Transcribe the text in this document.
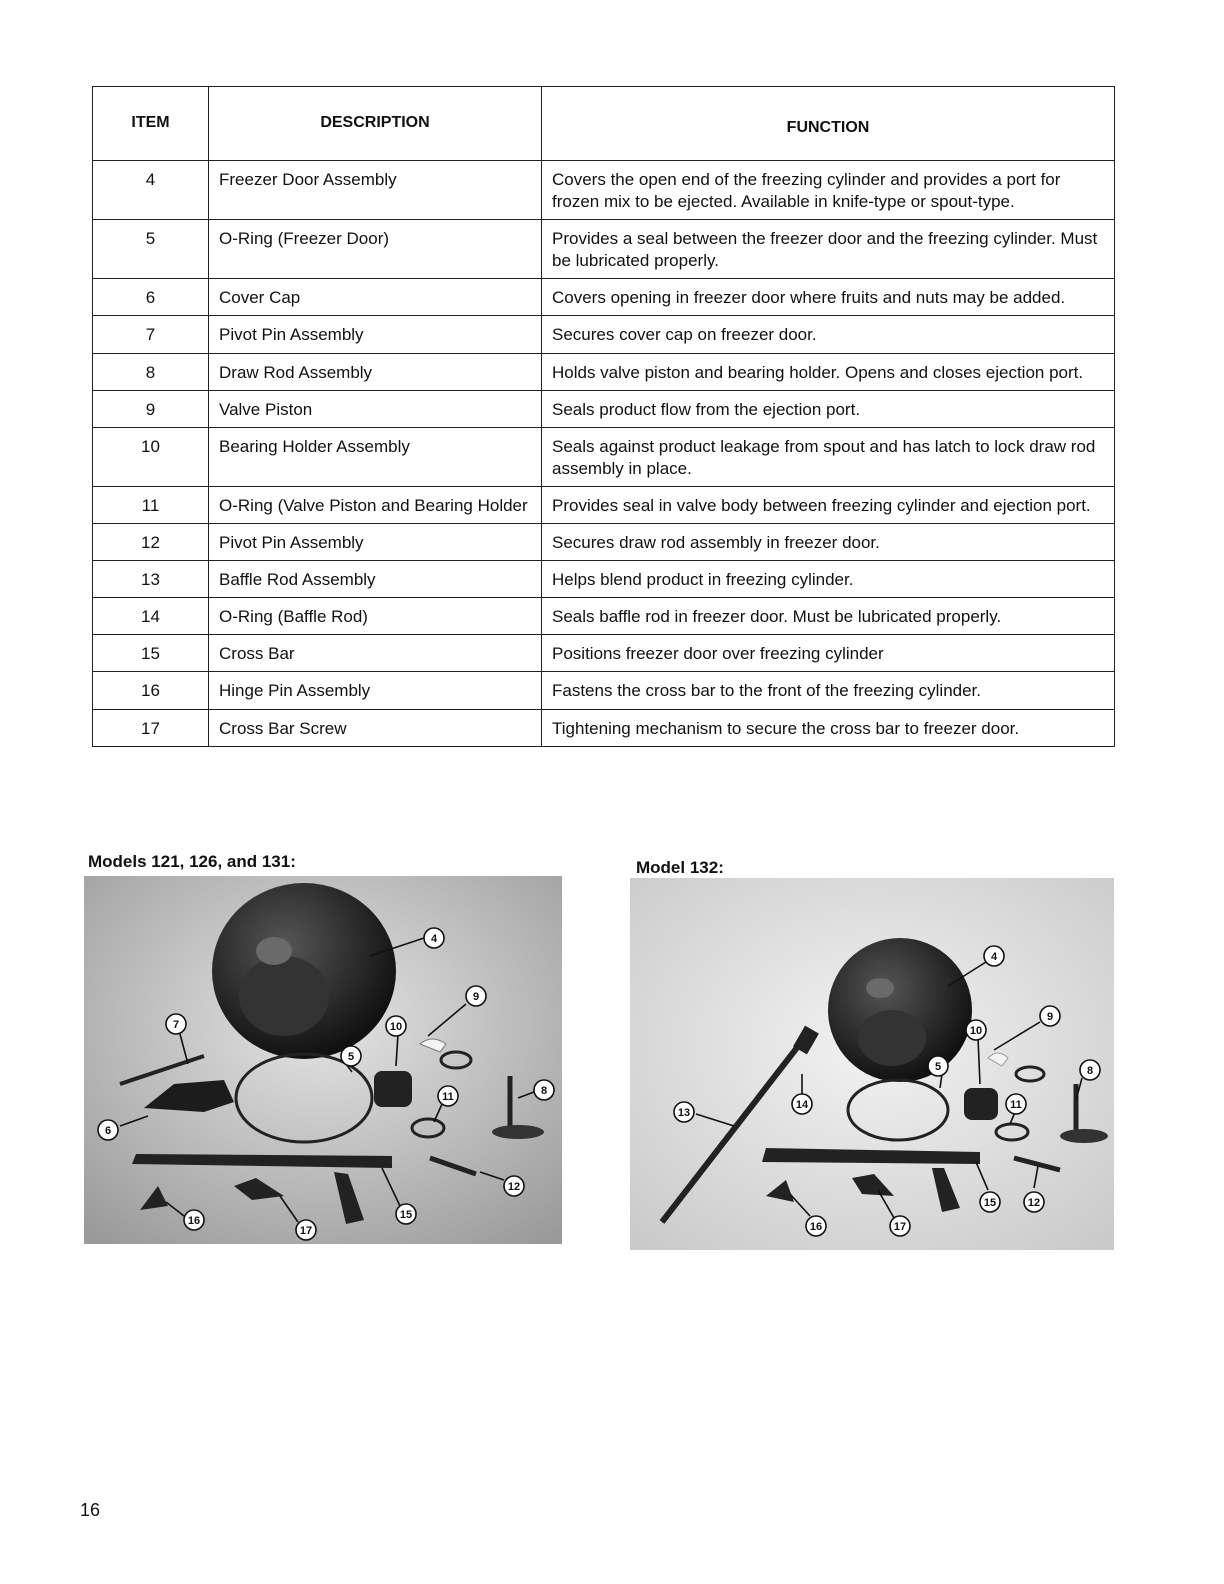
ITEM	DESCRIPTION	FUNCTION
4	Freezer Door Assembly	Covers the open end of the freezing cylinder and provides a port for frozen mix to be ejected. Available in knife-type or spout-type.
5	O-Ring (Freezer Door)	Provides a seal between the freezer door and the freezing cylinder. Must be lubricated properly.
6	Cover Cap	Covers opening in freezer door where fruits and nuts may be added.
7	Pivot Pin Assembly	Secures cover cap on freezer door.
8	Draw Rod Assembly	Holds valve piston and bearing holder. Opens and closes ejection port.
9	Valve Piston	Seals product flow from the ejection port.
10	Bearing Holder Assembly	Seals against product leakage from spout and has latch to lock draw rod assembly in place.
11	O-Ring (Valve Piston and Bearing Holder	Provides seal in valve body between freezing cylinder and ejection port.
12	Pivot Pin Assembly	Secures draw rod assembly in freezer door.
13	Baffle Rod Assembly	Helps blend product in freezing cylinder.
14	O-Ring (Baffle Rod)	Seals baffle rod in freezer door. Must be lubricated properly.
15	Cross Bar	Positions freezer door over freezing cylinder
16	Hinge Pin Assembly	Fastens the cross bar to the front of the freezing cylinder.
17	Cross Bar Screw	Tightening mechanism to secure the cross bar to freezer door.
Models 121, 126, and 131:	Model 132:
4
5
6
7
8
9
10
11
12
15
16
17
4
5	8
9
10
11
12
13
14
15
16	17
16
